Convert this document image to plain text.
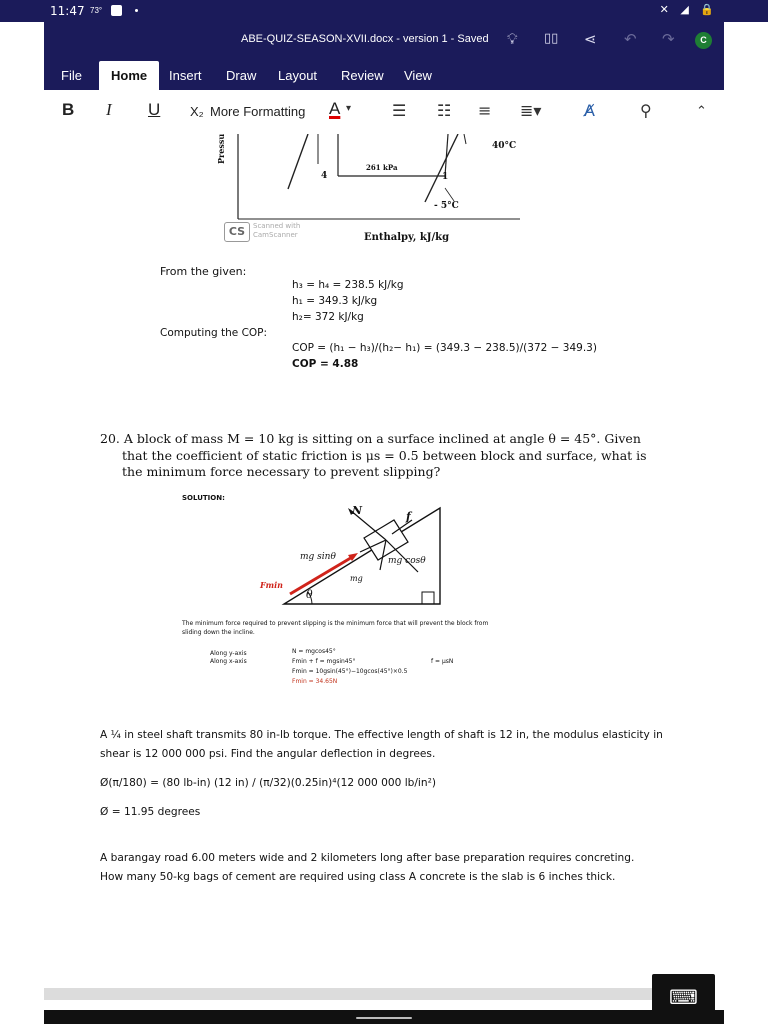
11:47 73°	✕ ◢ 🔒
ABE-QUIZ-SEASON-XVII.docx - version 1 - Saved 💡︎ ▯▯ ⋖ ↶ ↷	C
File	Home	Insert Draw Layout Review View
B I U X₂ More Formatting A ▾	☰ ☷ ≡ ≣▾	A̸	⚲	⌃
Pressu	40°C
261 kPa
4	1
- 5°C
Enthalpy, kJ/kg
CS	Scanned with
CamScanner
From the given:
h₃ = h₄ = 238.5 kJ/kg
h₁ = 349.3 kJ/kg
h₂= 372 kJ/kg
Computing the COP:
COP = (h₁ − h₃)/(h₂− h₁) = (349.3 − 238.5)/(372 − 349.3)
COP = 4.88
20. A block of mass M = 10 kg is sitting on a surface inclined at angle θ = 45°. Given

that the coefficient of static friction is μs = 0.5 between block and surface, what is
the minimum force necessary to prevent slipping?
SOLUTION:
N	f
mg sinθ	mg cosθ
mg
Fmin
θ
The minimum force required to prevent slipping is the minimum force that will prevent the block from
sliding down the incline.
Along y-axis
Along x-axis
N = mgcos45°
Fmin + f = mgsin45°
Fmin = 10gsin(45°)−10gcos(45°)×0.5
Fmin = 34.65N
f = μsN
A ¼ in steel shaft transmits 80 in-lb torque. The effective length of shaft is 12 in, the modulus elasticity in
shear is 12 000 000 psi. Find the angular deflection in degrees.
Ø(π/180) = (80 lb-in) (12 in) / (π/32)(0.25in)⁴(12 000 000 lb/in²)
Ø = 11.95 degrees
A barangay road 6.00 meters wide and 2 kilometers long after base preparation requires concreting.
How many 50-kg bags of cement are required using class A concrete is the slab is 6 inches thick.
⌨
